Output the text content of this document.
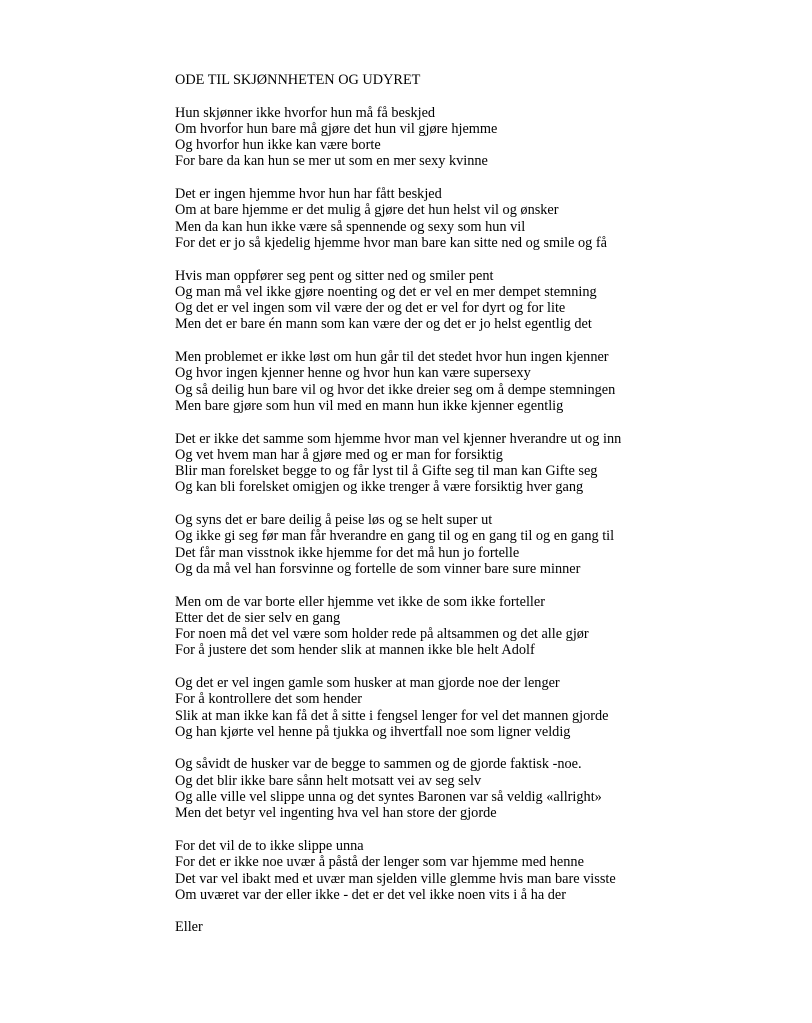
ODE TIL SKJØNNHETEN OG UDYRET
Hun skjønner ikke hvorfor hun må få beskjed
Om hvorfor hun bare må gjøre det hun vil gjøre hjemme
Og hvorfor hun ikke kan være borte
For bare da kan hun se mer ut som en mer sexy kvinne
Det er ingen hjemme hvor hun har fått beskjed
Om at bare hjemme er det mulig å gjøre det hun helst vil og ønsker
Men da kan hun ikke være så spennende og sexy som hun vil
For det er jo så kjedelig hjemme hvor man bare kan sitte ned og smile og få
Hvis man oppfører seg pent og sitter ned og smiler pent
Og man må vel ikke gjøre noenting og det er vel en mer dempet stemning
Og det er vel ingen som vil være der og det er vel for dyrt og for lite
Men det er bare én mann som kan være der og det er jo helst egentlig det
Men problemet er ikke løst om hun går til det stedet hvor hun ingen kjenner
Og hvor ingen kjenner henne og hvor hun kan være supersexy
Og så deilig hun bare vil og hvor det ikke dreier seg om å dempe stemningen
Men bare gjøre som hun vil med en mann hun ikke kjenner egentlig
Det er ikke det samme som hjemme hvor man vel kjenner hverandre ut og inn
Og vet hvem man har å gjøre med og er man for forsiktig
Blir man forelsket begge to og får lyst til å Gifte seg til man kan Gifte seg
Og kan bli forelsket omigjen og ikke trenger å være forsiktig hver gang
Og syns det er bare deilig å peise løs og se helt super ut
Og ikke gi seg før man får hverandre en gang til og en gang til og en gang til
Det får man visstnok ikke hjemme for det må hun jo fortelle
Og da må vel han forsvinne og fortelle de som vinner bare sure minner
Men om de var borte eller hjemme vet ikke de som ikke forteller
Etter det de sier selv en gang
For noen må det vel være som holder rede på altsammen og det alle gjør
For å justere det som hender slik at mannen ikke ble helt Adolf
Og det er vel ingen gamle som husker at man gjorde noe der lenger
For å kontrollere det som hender
Slik at man ikke kan få det å sitte i fengsel lenger for vel det mannen gjorde
Og han kjørte vel henne på tjukka og ihvertfall noe som ligner veldig
Og såvidt de husker var de begge to sammen og de gjorde faktisk -noe.
Og det blir ikke bare sånn helt motsatt vei av seg selv
Og alle ville vel slippe unna og det syntes Baronen var så veldig «allright»
Men det betyr vel ingenting hva vel han store der gjorde
For det vil de to ikke slippe unna
For det er ikke noe uvær å påstå der lenger som var hjemme med henne
Det var vel ibakt med et uvær man sjelden ville glemme hvis man bare visste
Om uværet var der eller ikke - det er det vel ikke noen vits i å ha der
Eller
